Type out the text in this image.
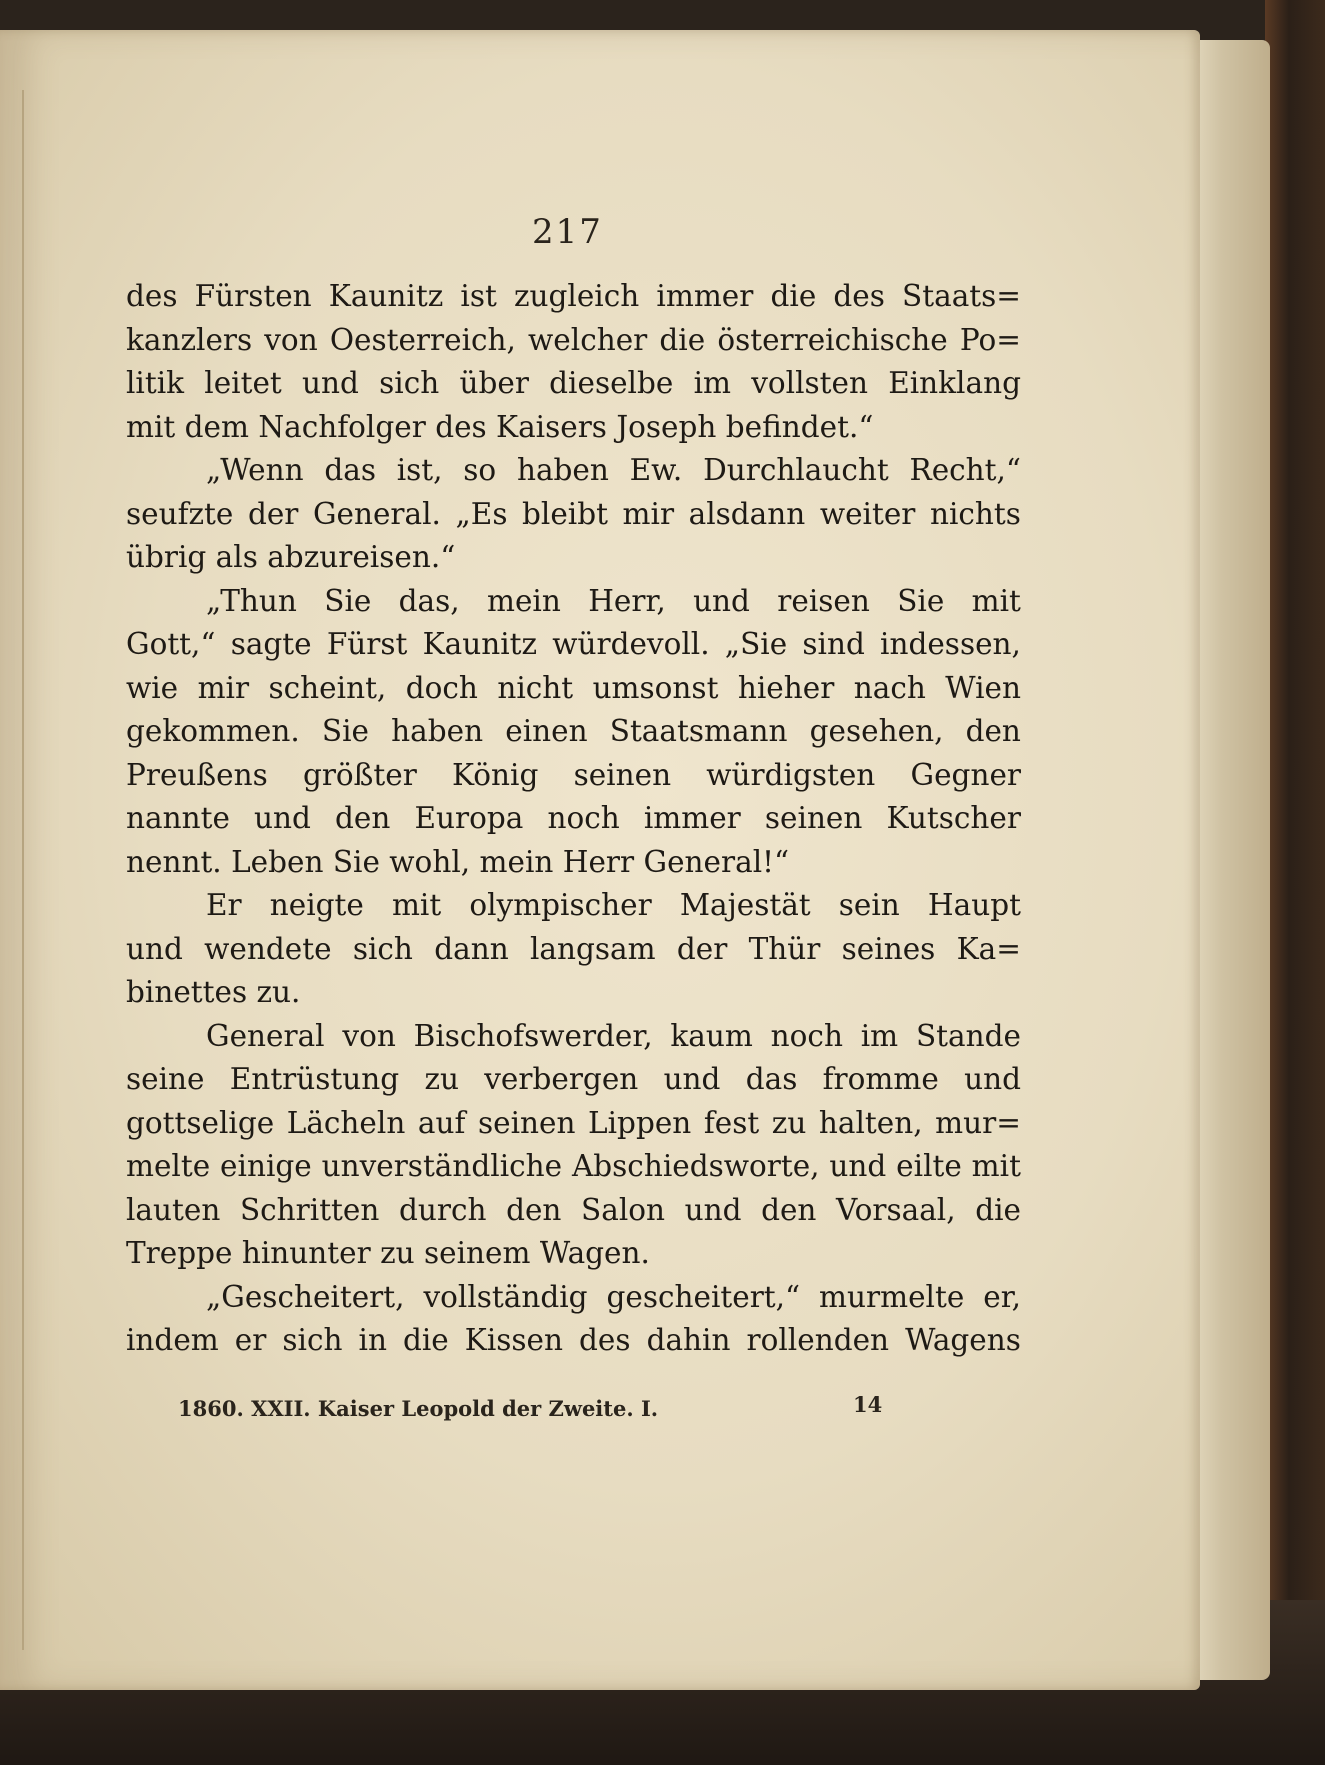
217
des Fürsten Kaunitz ist zugleich immer die des Staats=
kanzlers von Oesterreich, welcher die österreichische Po=
litik leitet und sich über dieselbe im vollsten Einklang
mit dem Nachfolger des Kaisers Joseph befindet.“
„Wenn das ist, so haben Ew. Durchlaucht Recht,“
seufzte der General. „Es bleibt mir alsdann weiter nichts
übrig als abzureisen.“
„Thun Sie das, mein Herr, und reisen Sie mit
Gott,“ sagte Fürst Kaunitz würdevoll. „Sie sind indessen,
wie mir scheint, doch nicht umsonst hieher nach Wien
gekommen. Sie haben einen Staatsmann gesehen, den
Preußens größter König seinen würdigsten Gegner
nannte und den Europa noch immer seinen Kutscher
nennt. Leben Sie wohl, mein Herr General!“
Er neigte mit olympischer Majestät sein Haupt
und wendete sich dann langsam der Thür seines Ka=
binettes zu.
General von Bischofswerder, kaum noch im Stande
seine Entrüstung zu verbergen und das fromme und
gottselige Lächeln auf seinen Lippen fest zu halten, mur=
melte einige unverständliche Abschiedsworte, und eilte mit
lauten Schritten durch den Salon und den Vorsaal, die
Treppe hinunter zu seinem Wagen.
„Gescheitert, vollständig gescheitert,“ murmelte er,
indem er sich in die Kissen des dahin rollenden Wagens
1860. XXII. Kaiser Leopold der Zweite. I.	14
